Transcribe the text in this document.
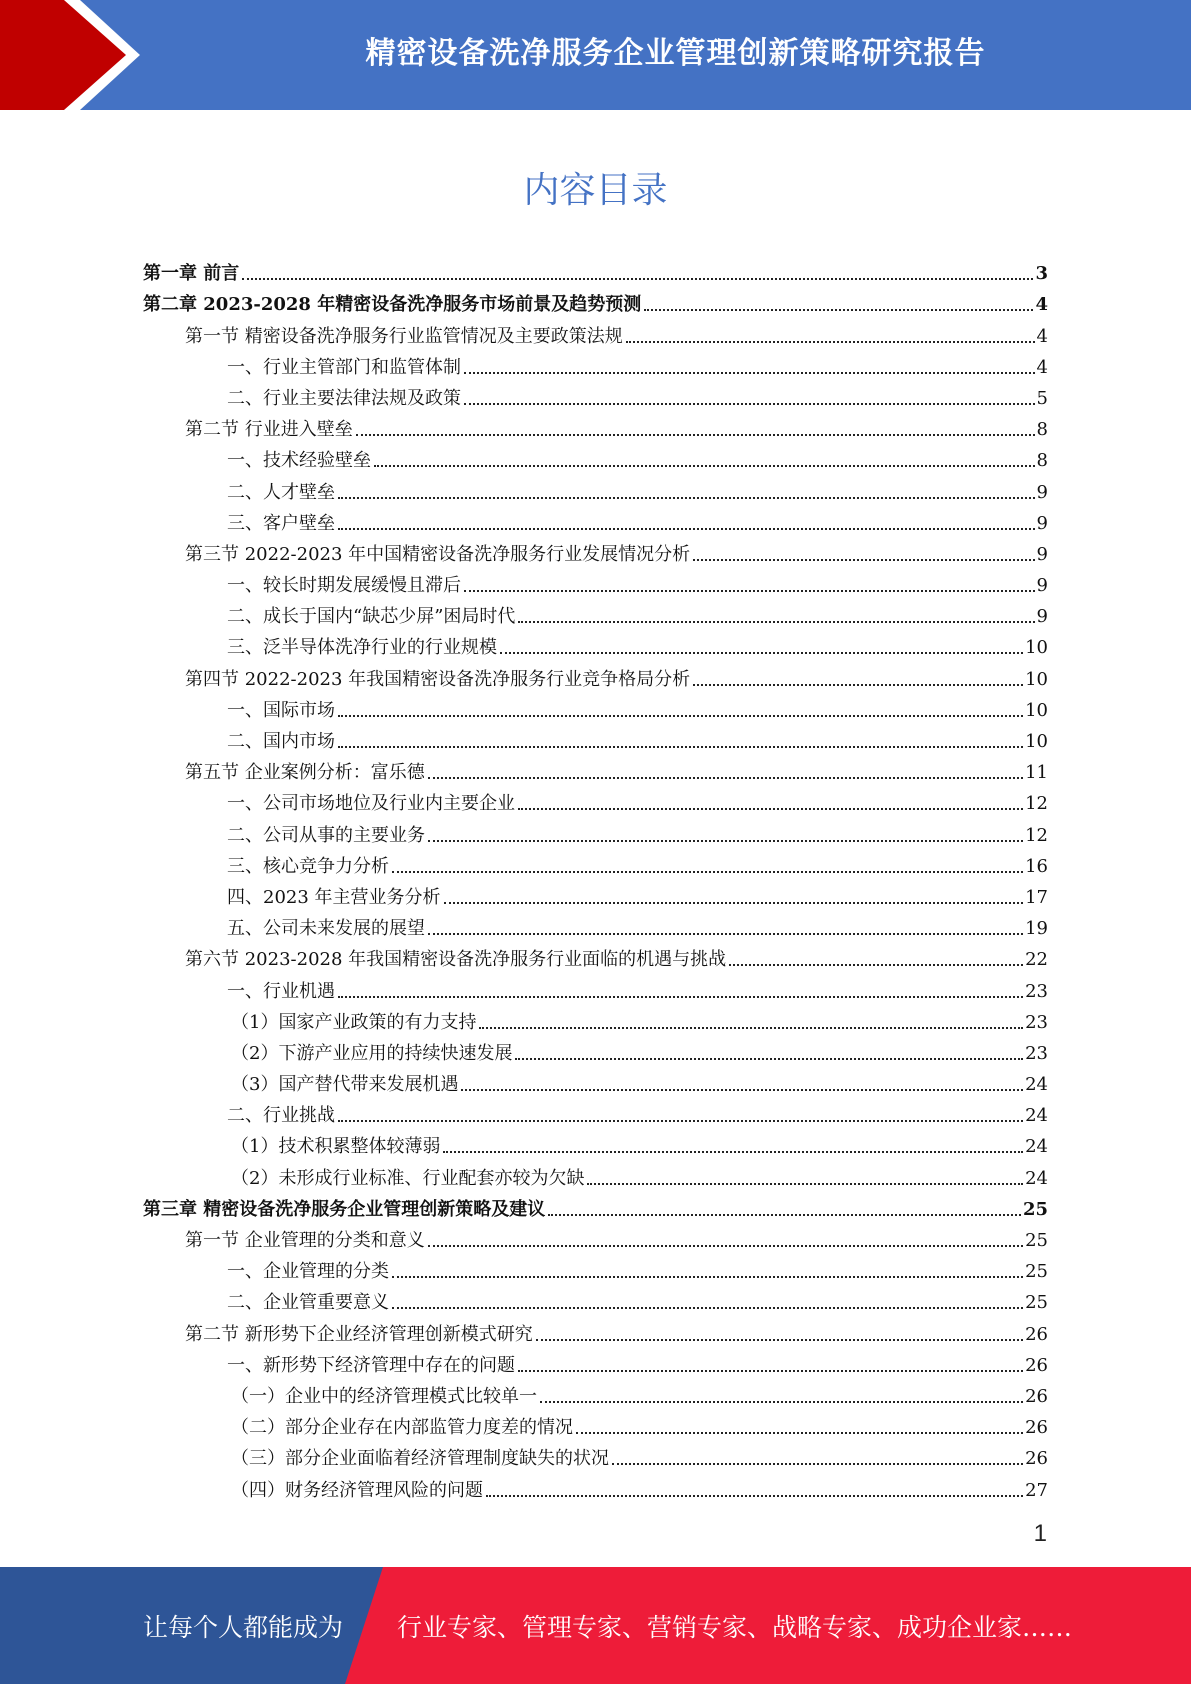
精密设备洗净服务企业管理创新策略研究报告
内容目录
第一章 前言	3
第二章 2023-2028 年精密设备洗净服务市场前景及趋势预测	4
第一节 精密设备洗净服务行业监管情况及主要政策法规	4
一、行业主管部门和监管体制	4
二、行业主要法律法规及政策	5
第二节 行业进入壁垒	8
一、技术经验壁垒	8
二、人才壁垒	9
三、客户壁垒	9
第三节 2022-2023 年中国精密设备洗净服务行业发展情况分析	9
一、较长时期发展缓慢且滞后	9
二、成长于国内“缺芯少屏”困局时代	9
三、泛半导体洗净行业的行业规模	10
第四节 2022-2023 年我国精密设备洗净服务行业竞争格局分析	10
一、国际市场	10
二、国内市场	10
第五节 企业案例分析：富乐德	11
一、公司市场地位及行业内主要企业	12
二、公司从事的主要业务	12
三、核心竞争力分析	16
四、2023 年主营业务分析	17
五、公司未来发展的展望	19
第六节 2023-2028 年我国精密设备洗净服务行业面临的机遇与挑战	22
一、行业机遇	23
（1）国家产业政策的有力支持	23
（2）下游产业应用的持续快速发展	23
（3）国产替代带来发展机遇	24
二、行业挑战	24
（1）技术积累整体较薄弱	24
（2）未形成行业标准、行业配套亦较为欠缺	24
第三章 精密设备洗净服务企业管理创新策略及建议	25
第一节 企业管理的分类和意义	25
一、企业管理的分类	25
二、企业管重要意义	25
第二节 新形势下企业经济管理创新模式研究	26
一、新形势下经济管理中存在的问题	26
（一）企业中的经济管理模式比较单一	26
（二）部分企业存在内部监管力度差的情况	26
（三）部分企业面临着经济管理制度缺失的状况	26
（四）财务经济管理风险的问题	27
1
让每个人都能成为 行业专家、管理专家、营销专家、战略专家、成功企业家……
